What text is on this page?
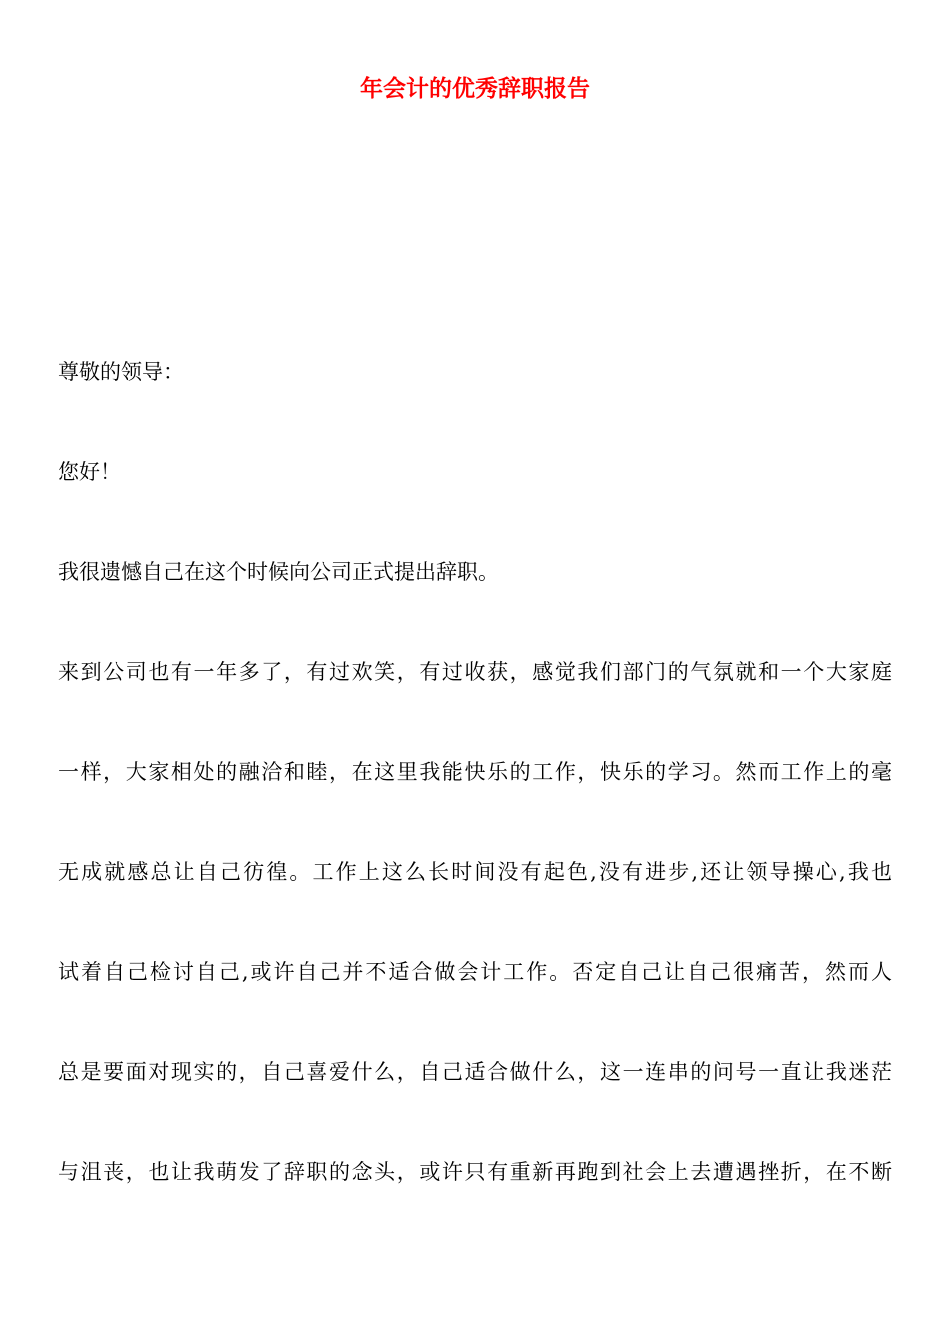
年会计的优秀辞职报告
尊敬的领导：
您好！
我很遗憾自己在这个时候向公司正式提出辞职。
来到公司也有一年多了，有过欢笑，有过收获，感觉我们部门的气氛就和一个大家庭
一样，大家相处的融洽和睦，在这里我能快乐的工作，快乐的学习。然而工作上的毫
无成就感总让自己彷徨。工作上这么长时间没有起色,没有进步,还让领导操心,我也
试着自己检讨自己,或许自己并不适合做会计工作。否定自己让自己很痛苦，然而人
总是要面对现实的，自己喜爱什么，自己适合做什么，这一连串的问号一直让我迷茫
与沮丧，也让我萌发了辞职的念头，或许只有重新再跑到社会上去遭遇挫折，在不断
